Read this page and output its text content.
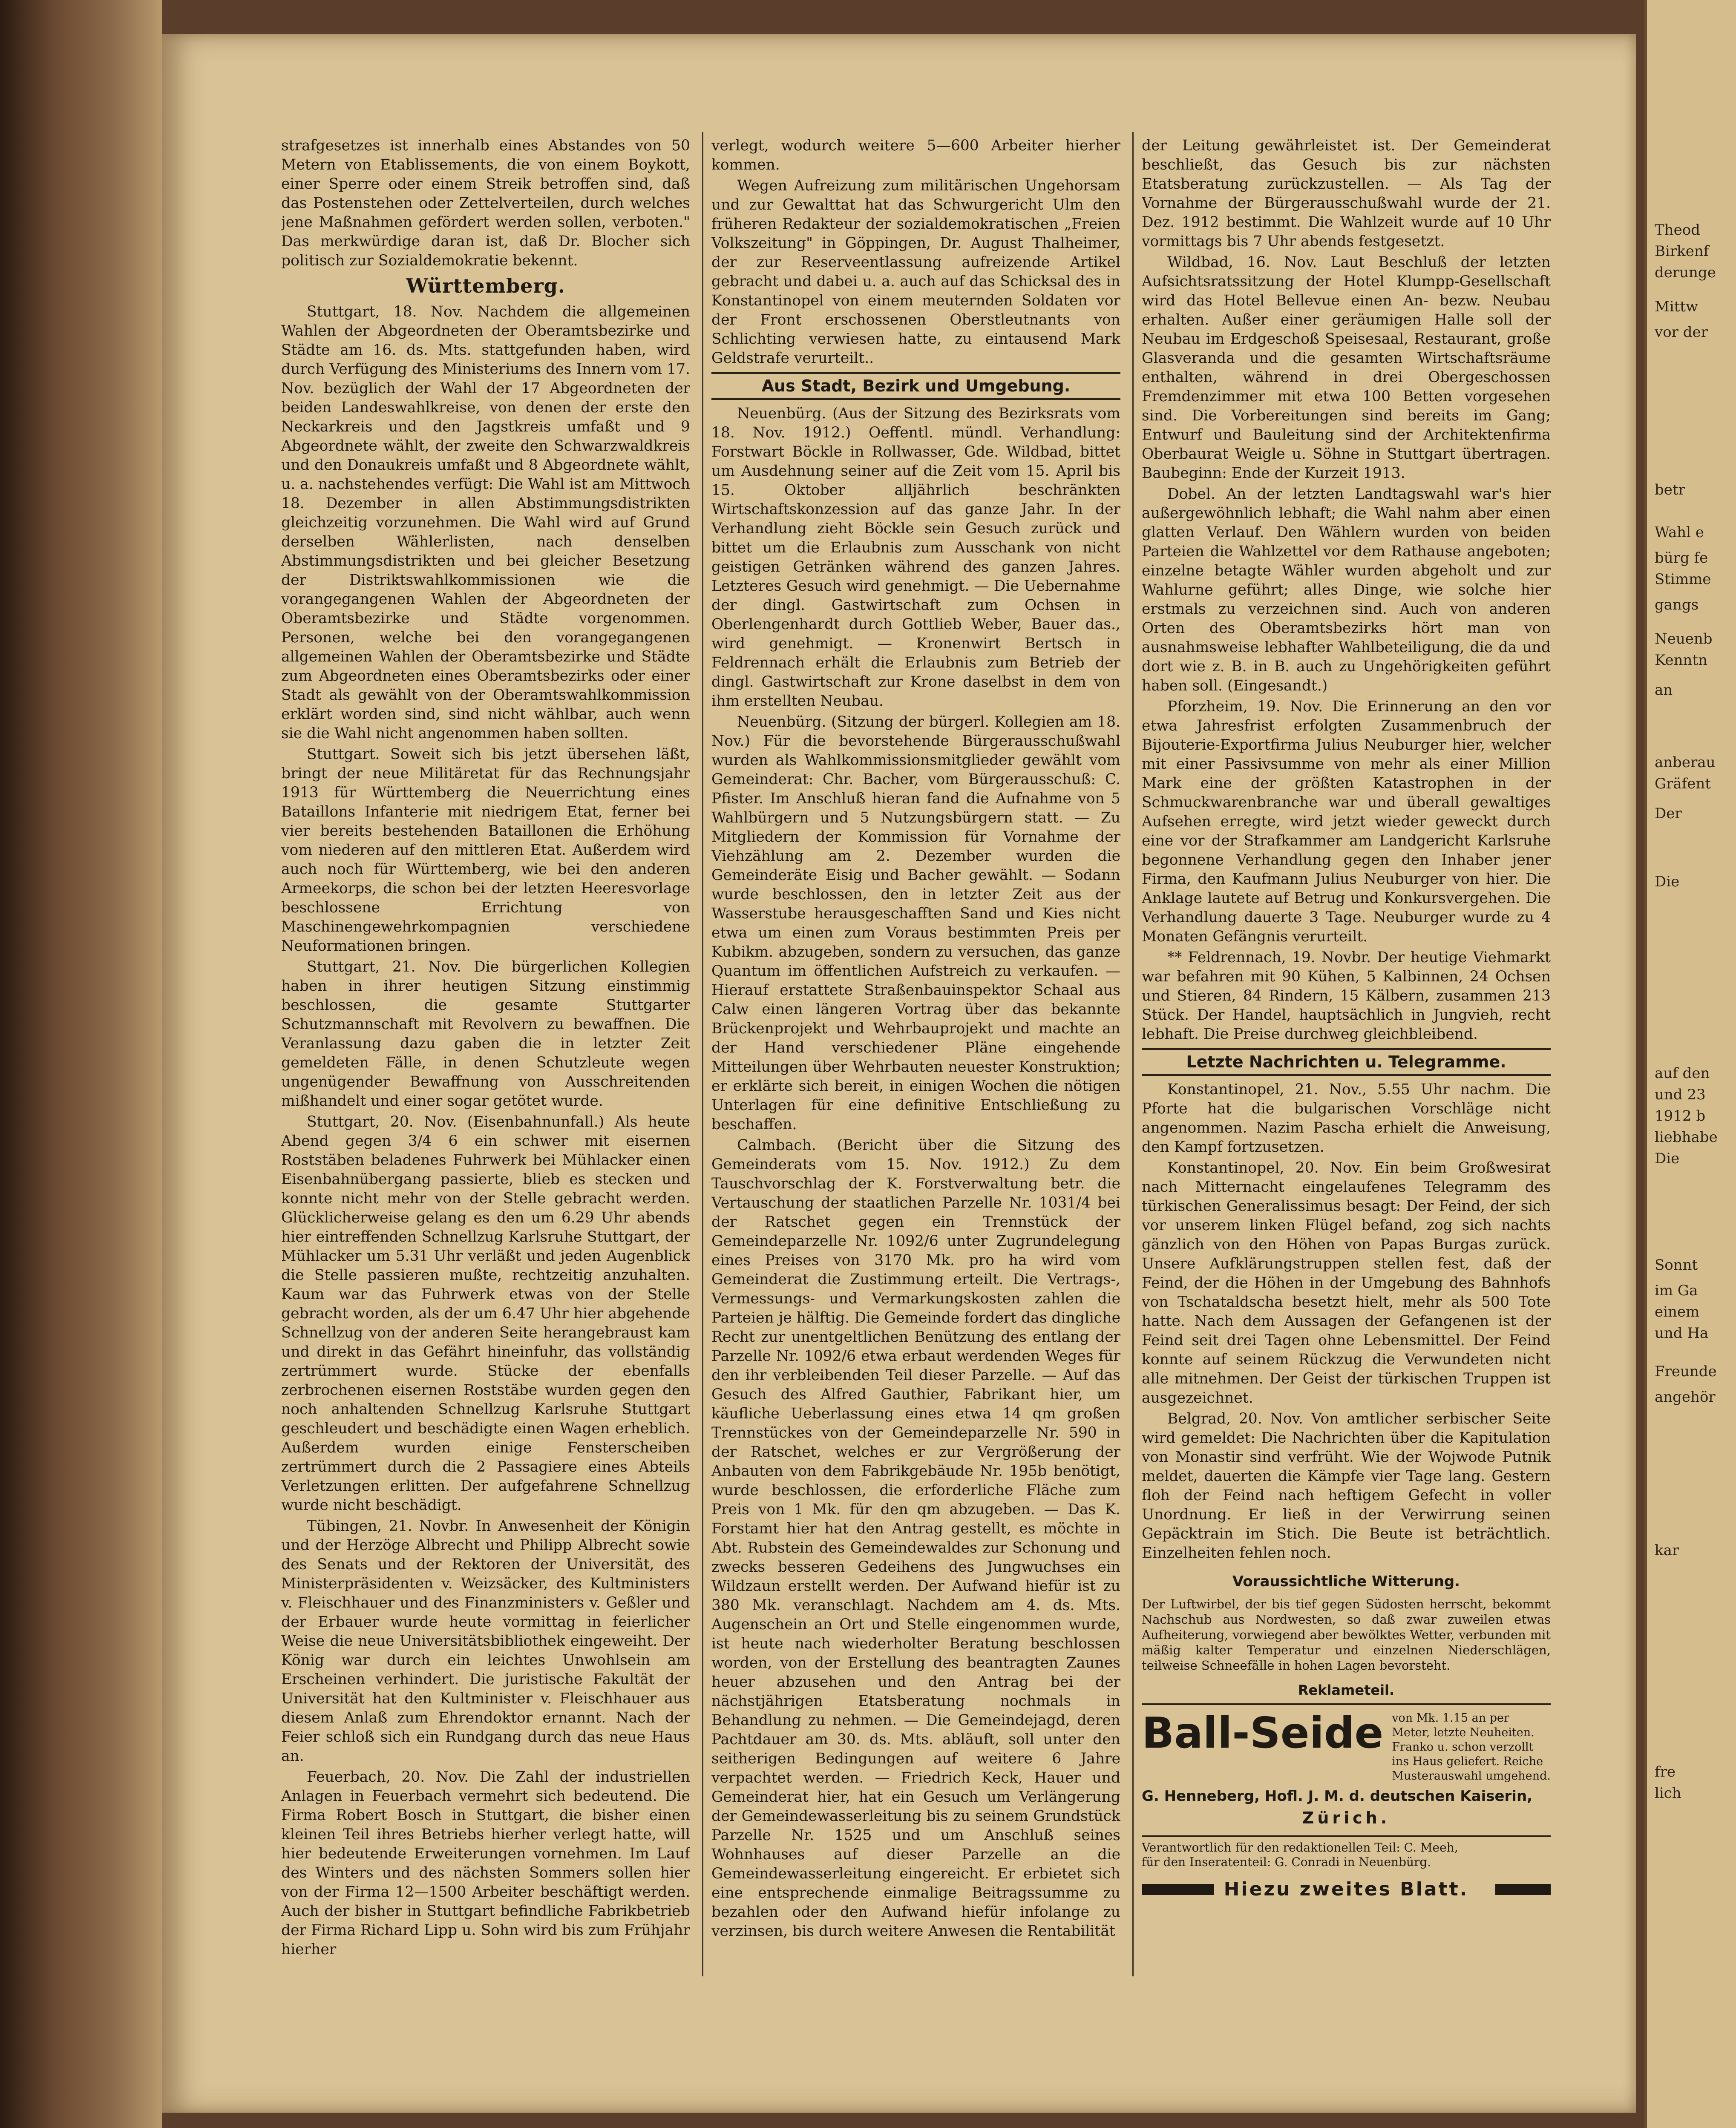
strafgesetzes ist innerhalb eines Abstandes von 50 Metern von Etablissements, die von einem Boykott, einer Sperre oder einem Streik betroffen sind, daß das Postenstehen oder Zettelverteilen, durch welches jene Maßnahmen gefördert werden sollen, verboten." Das merkwürdige daran ist, daß Dr. Blocher sich politisch zur Sozialdemokratie bekennt.

Württemberg.

Stuttgart, 18. Nov. Nachdem die allgemeinen Wahlen der Abgeordneten der Oberamtsbezirke und Städte am 16. ds. Mts. stattgefunden haben, wird durch Verfügung des Ministeriums des Innern vom 17. Nov. bezüglich der Wahl der 17 Abgeordneten der beiden Landeswahlkreise, von denen der erste den Neckarkreis und den Jagstkreis umfaßt und 9 Abgeordnete wählt, der zweite den Schwarzwaldkreis und den Donaukreis umfaßt und 8 Abgeordnete wählt, u. a. nachstehendes verfügt: Die Wahl ist am Mittwoch 18. Dezember in allen Abstimmungsdistrikten gleichzeitig vorzunehmen. Die Wahl wird auf Grund derselben Wählerlisten, nach denselben Abstimmungsdistrikten und bei gleicher Besetzung der Distriktswahlkommissionen wie die vorangegangenen Wahlen der Abgeordneten der Oberamtsbezirke und Städte vorgenommen. Personen, welche bei den vorangegangenen allgemeinen Wahlen der Oberamtsbezirke und Städte zum Abgeordneten eines Oberamtsbezirks oder einer Stadt als gewählt von der Oberamtswahlkommission erklärt worden sind, sind nicht wählbar, auch wenn sie die Wahl nicht angenommen haben sollten.

Stuttgart. Soweit sich bis jetzt übersehen läßt, bringt der neue Militäretat für das Rechnungsjahr 1913 für Württemberg die Neuerrichtung eines Bataillons Infanterie mit niedrigem Etat, ferner bei vier bereits bestehenden Bataillonen die Erhöhung vom niederen auf den mittleren Etat. Außerdem wird auch noch für Württemberg, wie bei den anderen Armeekorps, die schon bei der letzten Heeresvorlage beschlossene Errichtung von Maschinengewehrkompagnien verschiedene Neuformationen bringen.

Stuttgart, 21. Nov. Die bürgerlichen Kollegien haben in ihrer heutigen Sitzung einstimmig beschlossen, die gesamte Stuttgarter Schutzmannschaft mit Revolvern zu bewaffnen. Die Veranlassung dazu gaben die in letzter Zeit gemeldeten Fälle, in denen Schutzleute wegen ungenügender Bewaffnung von Ausschreitenden mißhandelt und einer sogar getötet wurde.

Stuttgart, 20. Nov. (Eisenbahnunfall.) Als heute Abend gegen 3/4 6 ein schwer mit eisernen Roststäben beladenes Fuhrwerk bei Mühlacker einen Eisenbahnübergang passierte, blieb es stecken und konnte nicht mehr von der Stelle gebracht werden. Glücklicherweise gelang es den um 6.29 Uhr abends hier eintreffenden Schnellzug Karlsruhe Stuttgart, der Mühlacker um 5.31 Uhr verläßt und jeden Augenblick die Stelle passieren mußte, rechtzeitig anzuhalten. Kaum war das Fuhrwerk etwas von der Stelle gebracht worden, als der um 6.47 Uhr hier abgehende Schnellzug von der anderen Seite herangebraust kam und direkt in das Gefährt hineinfuhr, das vollständig zertrümmert wurde. Stücke der ebenfalls zerbrochenen eisernen Roststäbe wurden gegen den noch anhaltenden Schnellzug Karlsruhe Stuttgart geschleudert und beschädigte einen Wagen erheblich. Außerdem wurden einige Fensterscheiben zertrümmert durch die 2 Passagiere eines Abteils Verletzungen erlitten. Der aufgefahrene Schnellzug wurde nicht beschädigt.

Tübingen, 21. Novbr. In Anwesenheit der Königin und der Herzöge Albrecht und Philipp Albrecht sowie des Senats und der Rektoren der Universität, des Ministerpräsidenten v. Weizsäcker, des Kultministers v. Fleischhauer und des Finanzministers v. Geßler und der Erbauer wurde heute vormittag in feierlicher Weise die neue Universitätsbibliothek eingeweiht. Der König war durch ein leichtes Unwohlsein am Erscheinen verhindert. Die juristische Fakultät der Universität hat den Kultminister v. Fleischhauer aus diesem Anlaß zum Ehrendoktor ernannt. Nach der Feier schloß sich ein Rundgang durch das neue Haus an.

Feuerbach, 20. Nov. Die Zahl der industriellen Anlagen in Feuerbach vermehrt sich bedeutend. Die Firma Robert Bosch in Stuttgart, die bisher einen kleinen Teil ihres Betriebs hierher verlegt hatte, will hier bedeutende Erweiterungen vornehmen. Im Lauf des Winters und des nächsten Sommers sollen hier von der Firma 12—1500 Arbeiter beschäftigt werden. Auch der bisher in Stuttgart befindliche Fabrikbetrieb der Firma Richard Lipp u. Sohn wird bis zum Frühjahr hierher

verlegt, wodurch weitere 5—600 Arbeiter hierher kommen.

Wegen Aufreizung zum militärischen Ungehorsam und zur Gewalttat hat das Schwurgericht Ulm den früheren Redakteur der sozialdemokratischen „Freien Volkszeitung" in Göppingen, Dr. August Thalheimer, der zur Reserveentlassung aufreizende Artikel gebracht und dabei u. a. auch auf das Schicksal des in Konstantinopel von einem meuternden Soldaten vor der Front erschossenen Oberstleutnants von Schlichting verwiesen hatte, zu eintausend Mark Geldstrafe verurteilt..

Aus Stadt, Bezirk und Umgebung.

Neuenbürg. (Aus der Sitzung des Bezirksrats vom 18. Nov. 1912.) Oeffentl. mündl. Verhandlung: Forstwart Böckle in Rollwasser, Gde. Wildbad, bittet um Ausdehnung seiner auf die Zeit vom 15. April bis 15. Oktober alljährlich beschränkten Wirtschaftskonzession auf das ganze Jahr. In der Verhandlung zieht Böckle sein Gesuch zurück und bittet um die Erlaubnis zum Ausschank von nicht geistigen Getränken während des ganzen Jahres. Letzteres Gesuch wird genehmigt. — Die Uebernahme der dingl. Gastwirtschaft zum Ochsen in Oberlengenhardt durch Gottlieb Weber, Bauer das., wird genehmigt. — Kronenwirt Bertsch in Feldrennach erhält die Erlaubnis zum Betrieb der dingl. Gastwirtschaft zur Krone daselbst in dem von ihm erstellten Neubau.

Neuenbürg. (Sitzung der bürgerl. Kollegien am 18. Nov.) Für die bevorstehende Bürgerausschußwahl wurden als Wahlkommissionsmitglieder gewählt vom Gemeinderat: Chr. Bacher, vom Bürgerausschuß: C. Pfister. Im Anschluß hieran fand die Aufnahme von 5 Wahlbürgern und 5 Nutzungsbürgern statt. — Zu Mitgliedern der Kommission für Vornahme der Viehzählung am 2. Dezember wurden die Gemeinderäte Eisig und Bacher gewählt. — Sodann wurde beschlossen, den in letzter Zeit aus der Wasserstube herausgeschafften Sand und Kies nicht etwa um einen zum Voraus bestimmten Preis per Kubikm. abzugeben, sondern zu versuchen, das ganze Quantum im öffentlichen Aufstreich zu verkaufen. — Hierauf erstattete Straßenbauinspektor Schaal aus Calw einen längeren Vortrag über das bekannte Brückenprojekt und Wehrbauprojekt und machte an der Hand verschiedener Pläne eingehende Mitteilungen über Wehrbauten neuester Konstruktion; er erklärte sich bereit, in einigen Wochen die nötigen Unterlagen für eine definitive Entschließung zu beschaffen.

Calmbach. (Bericht über die Sitzung des Gemeinderats vom 15. Nov. 1912.) Zu dem Tauschvorschlag der K. Forstverwaltung betr. die Vertauschung der staatlichen Parzelle Nr. 1031/4 bei der Ratschet gegen ein Trennstück der Gemeindeparzelle Nr. 1092/6 unter Zugrundelegung eines Preises von 3170 Mk. pro ha wird vom Gemeinderat die Zustimmung erteilt. Die Vertrags-, Vermessungs- und Vermarkungskosten zahlen die Parteien je hälftig. Die Gemeinde fordert das dingliche Recht zur unentgeltlichen Benützung des entlang der Parzelle Nr. 1092/6 etwa erbaut werdenden Weges für den ihr verbleibenden Teil dieser Parzelle. — Auf das Gesuch des Alfred Gauthier, Fabrikant hier, um käufliche Ueberlassung eines etwa 14 qm großen Trennstückes von der Gemeindeparzelle Nr. 590 in der Ratschet, welches er zur Vergrößerung der Anbauten von dem Fabrikgebäude Nr. 195b benötigt, wurde beschlossen, die erforderliche Fläche zum Preis von 1 Mk. für den qm abzugeben. — Das K. Forstamt hier hat den Antrag gestellt, es möchte in Abt. Rubstein des Gemeindewaldes zur Schonung und zwecks besseren Gedeihens des Jungwuchses ein Wildzaun erstellt werden. Der Aufwand hiefür ist zu 380 Mk. veranschlagt. Nachdem am 4. ds. Mts. Augenschein an Ort und Stelle eingenommen wurde, ist heute nach wiederholter Beratung beschlossen worden, von der Erstellung des beantragten Zaunes heuer abzusehen und den Antrag bei der nächstjährigen Etatsberatung nochmals in Behandlung zu nehmen. — Die Gemeindejagd, deren Pachtdauer am 30. ds. Mts. abläuft, soll unter den seitherigen Bedingungen auf weitere 6 Jahre verpachtet werden. — Friedrich Keck, Hauer und Gemeinderat hier, hat ein Gesuch um Verlängerung der Gemeindewasserleitung bis zu seinem Grundstück Parzelle Nr. 1525 und um Anschluß seines Wohnhauses auf dieser Parzelle an die Gemeindewasserleitung eingereicht. Er erbietet sich eine entsprechende einmalige Beitragssumme zu bezahlen oder den Aufwand hiefür infolange zu verzinsen, bis durch weitere Anwesen die Rentabilität

der Leitung gewährleistet ist. Der Gemeinderat beschließt, das Gesuch bis zur nächsten Etatsberatung zurückzustellen. — Als Tag der Vornahme der Bürgerausschußwahl wurde der 21. Dez. 1912 bestimmt. Die Wahlzeit wurde auf 10 Uhr vormittags bis 7 Uhr abends festgesetzt.

Wildbad, 16. Nov. Laut Beschluß der letzten Aufsichtsratssitzung der Hotel Klumpp-Gesellschaft wird das Hotel Bellevue einen An- bezw. Neubau erhalten. Außer einer geräumigen Halle soll der Neubau im Erdgeschoß Speisesaal, Restaurant, große Glasveranda und die gesamten Wirtschaftsräume enthalten, während in drei Obergeschossen Fremdenzimmer mit etwa 100 Betten vorgesehen sind. Die Vorbereitungen sind bereits im Gang; Entwurf und Bauleitung sind der Architektenfirma Oberbaurat Weigle u. Söhne in Stuttgart übertragen. Baubeginn: Ende der Kurzeit 1913.

Dobel. An der letzten Landtagswahl war's hier außergewöhnlich lebhaft; die Wahl nahm aber einen glatten Verlauf. Den Wählern wurden von beiden Parteien die Wahlzettel vor dem Rathause angeboten; einzelne betagte Wähler wurden abgeholt und zur Wahlurne geführt; alles Dinge, wie solche hier erstmals zu verzeichnen sind. Auch von anderen Orten des Oberamtsbezirks hört man von ausnahmsweise lebhafter Wahlbeteiligung, die da und dort wie z. B. in B. auch zu Ungehörigkeiten geführt haben soll. (Eingesandt.)

Pforzheim, 19. Nov. Die Erinnerung an den vor etwa Jahresfrist erfolgten Zusammenbruch der Bijouterie-Exportfirma Julius Neuburger hier, welcher mit einer Passivsumme von mehr als einer Million Mark eine der größten Katastrophen in der Schmuckwarenbranche war und überall gewaltiges Aufsehen erregte, wird jetzt wieder geweckt durch eine vor der Strafkammer am Landgericht Karlsruhe begonnene Verhandlung gegen den Inhaber jener Firma, den Kaufmann Julius Neuburger von hier. Die Anklage lautete auf Betrug und Konkursvergehen. Die Verhandlung dauerte 3 Tage. Neuburger wurde zu 4 Monaten Gefängnis verurteilt.

** Feldrennach, 19. Novbr. Der heutige Viehmarkt war befahren mit 90 Kühen, 5 Kalbinnen, 24 Ochsen und Stieren, 84 Rindern, 15 Kälbern, zusammen 213 Stück. Der Handel, hauptsächlich in Jungvieh, recht lebhaft. Die Preise durchweg gleichbleibend.

Letzte Nachrichten u. Telegramme.

Konstantinopel, 21. Nov., 5.55 Uhr nachm. Die Pforte hat die bulgarischen Vorschläge nicht angenommen. Nazim Pascha erhielt die Anweisung, den Kampf fortzusetzen.

Konstantinopel, 20. Nov. Ein beim Großwesirat nach Mitternacht eingelaufenes Telegramm des türkischen Generalissimus besagt: Der Feind, der sich vor unserem linken Flügel befand, zog sich nachts gänzlich von den Höhen von Papas Burgas zurück. Unsere Aufklärungstruppen stellen fest, daß der Feind, der die Höhen in der Umgebung des Bahnhofs von Tschataldscha besetzt hielt, mehr als 500 Tote hatte. Nach dem Aussagen der Gefangenen ist der Feind seit drei Tagen ohne Lebensmittel. Der Feind konnte auf seinem Rückzug die Verwundeten nicht alle mitnehmen. Der Geist der türkischen Truppen ist ausgezeichnet.

Belgrad, 20. Nov. Von amtlicher serbischer Seite wird gemeldet: Die Nachrichten über die Kapitulation von Monastir sind verfrüht. Wie der Wojwode Putnik meldet, dauerten die Kämpfe vier Tage lang. Gestern floh der Feind nach heftigem Gefecht in voller Unordnung. Er ließ in der Verwirrung seinen Gepäcktrain im Stich. Die Beute ist beträchtlich. Einzelheiten fehlen noch.

Voraussichtliche Witterung.

Der Luftwirbel, der bis tief gegen Südosten herrscht, bekommt Nachschub aus Nordwesten, so daß zwar zuweilen etwas Aufheiterung, vorwiegend aber bewölktes Wetter, verbunden mit mäßig kalter Temperatur und einzelnen Niederschlägen, teilweise Schneefälle in hohen Lagen bevorsteht.

Reklameteil.
Ball-Seide von Mk. 1.15 an per Meter, letzte Neuheiten. Franko u. schon verzollt ins Haus geliefert. Reiche Musterauswahl umgehend.
G. Henneberg, Hofl. J. M. d. deutschen Kaiserin,
Zürich.
Verantwortlich für den redaktionellen Teil: C. Meeh,
für den Inseratenteil: G. Conradi in Neuenbürg.
Hiezu zweites Blatt.
Theod
Birkenf
derunge
Mittw
vor der
betr
Wahl e
bürg fe
Stimme
gangs
Neuenb
Kenntn
an
anberau
Gräfent
Der
Die
auf den
und 23
1912 b
liebhabe
Die
Sonnt
im Ga
einem
und Ha
Freunde
angehör
kar
fre
lich
